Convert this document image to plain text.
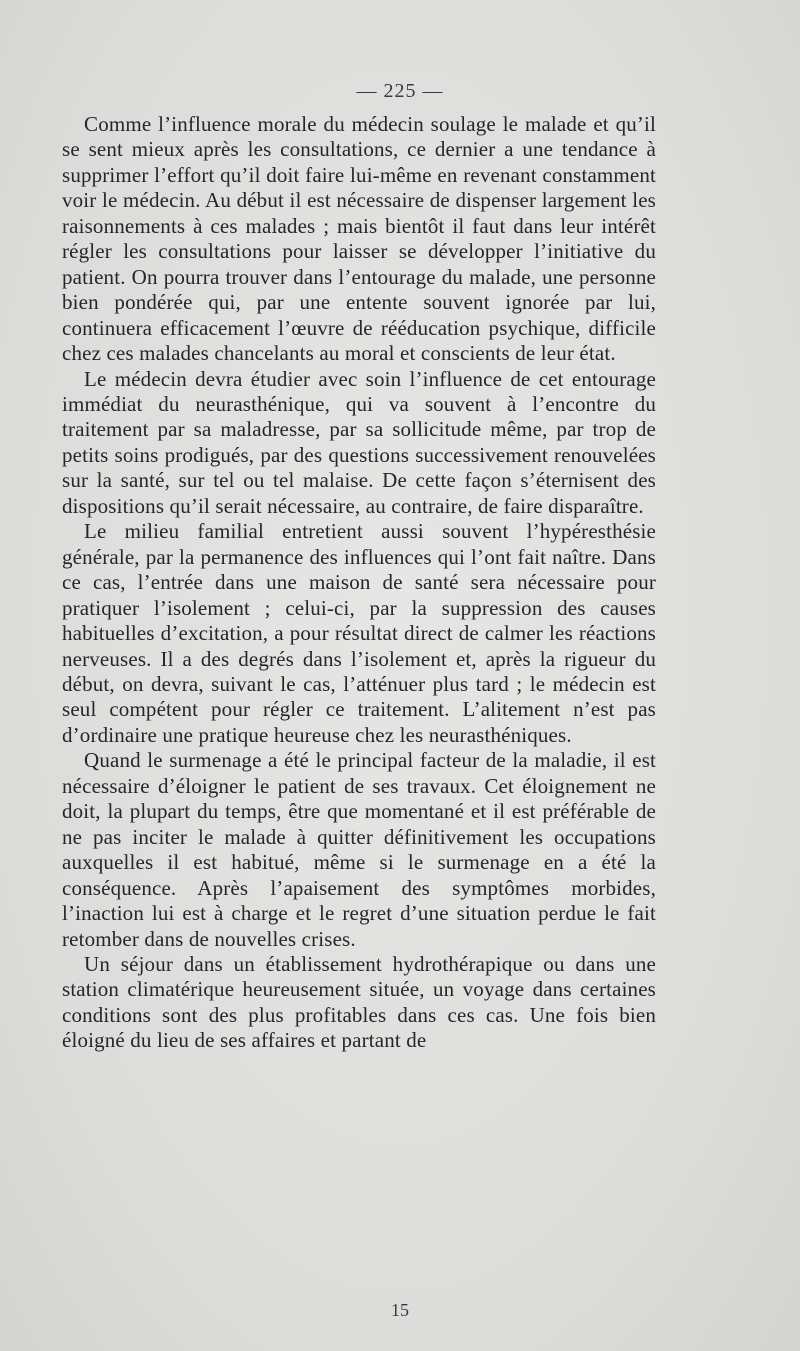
— 225 —

Comme l’influence morale du médecin soulage le malade et qu’il se sent mieux après les consultations, ce dernier a une tendance à supprimer l’effort qu’il doit faire lui-même en revenant constamment voir le médecin. Au début il est nécessaire de dispenser largement les raisonnements à ces malades ; mais bientôt il faut dans leur intérêt régler les consultations pour laisser se développer l’initiative du patient. On pourra trouver dans l’entourage du malade, une personne bien pondérée qui, par une entente souvent ignorée par lui, continuera efficacement l’œuvre de rééducation psychique, difficile chez ces malades chancelants au moral et conscients de leur état.

Le médecin devra étudier avec soin l’influence de cet entourage immédiat du neurasthénique, qui va souvent à l’encontre du traitement par sa maladresse, par sa sollicitude même, par trop de petits soins prodigués, par des questions successivement renouvelées sur la santé, sur tel ou tel malaise. De cette façon s’éternisent des dispositions qu’il serait nécessaire, au contraire, de faire disparaître.

Le milieu familial entretient aussi souvent l’hypéresthésie générale, par la permanence des influences qui l’ont fait naître. Dans ce cas, l’entrée dans une maison de santé sera nécessaire pour pratiquer l’isolement ; celui-ci, par la suppression des causes habituelles d’excitation, a pour résultat direct de calmer les réactions nerveuses. Il a des degrés dans l’isolement et, après la rigueur du début, on devra, suivant le cas, l’atténuer plus tard ; le médecin est seul compétent pour régler ce traitement. L’alitement n’est pas d’ordinaire une pratique heureuse chez les neurasthéniques.

Quand le surmenage a été le principal facteur de la maladie, il est nécessaire d’éloigner le patient de ses travaux. Cet éloignement ne doit, la plupart du temps, être que momentané et il est préférable de ne pas inciter le malade à quitter définitivement les occupations auxquelles il est habitué, même si le surmenage en a été la conséquence. Après l’apaisement des symptômes morbides, l’inaction lui est à charge et le regret d’une situation perdue le fait retomber dans de nouvelles crises.

Un séjour dans un établissement hydrothérapique ou dans une station climatérique heureusement située, un voyage dans certaines conditions sont des plus profitables dans ces cas. Une fois bien éloigné du lieu de ses affaires et partant de

15
